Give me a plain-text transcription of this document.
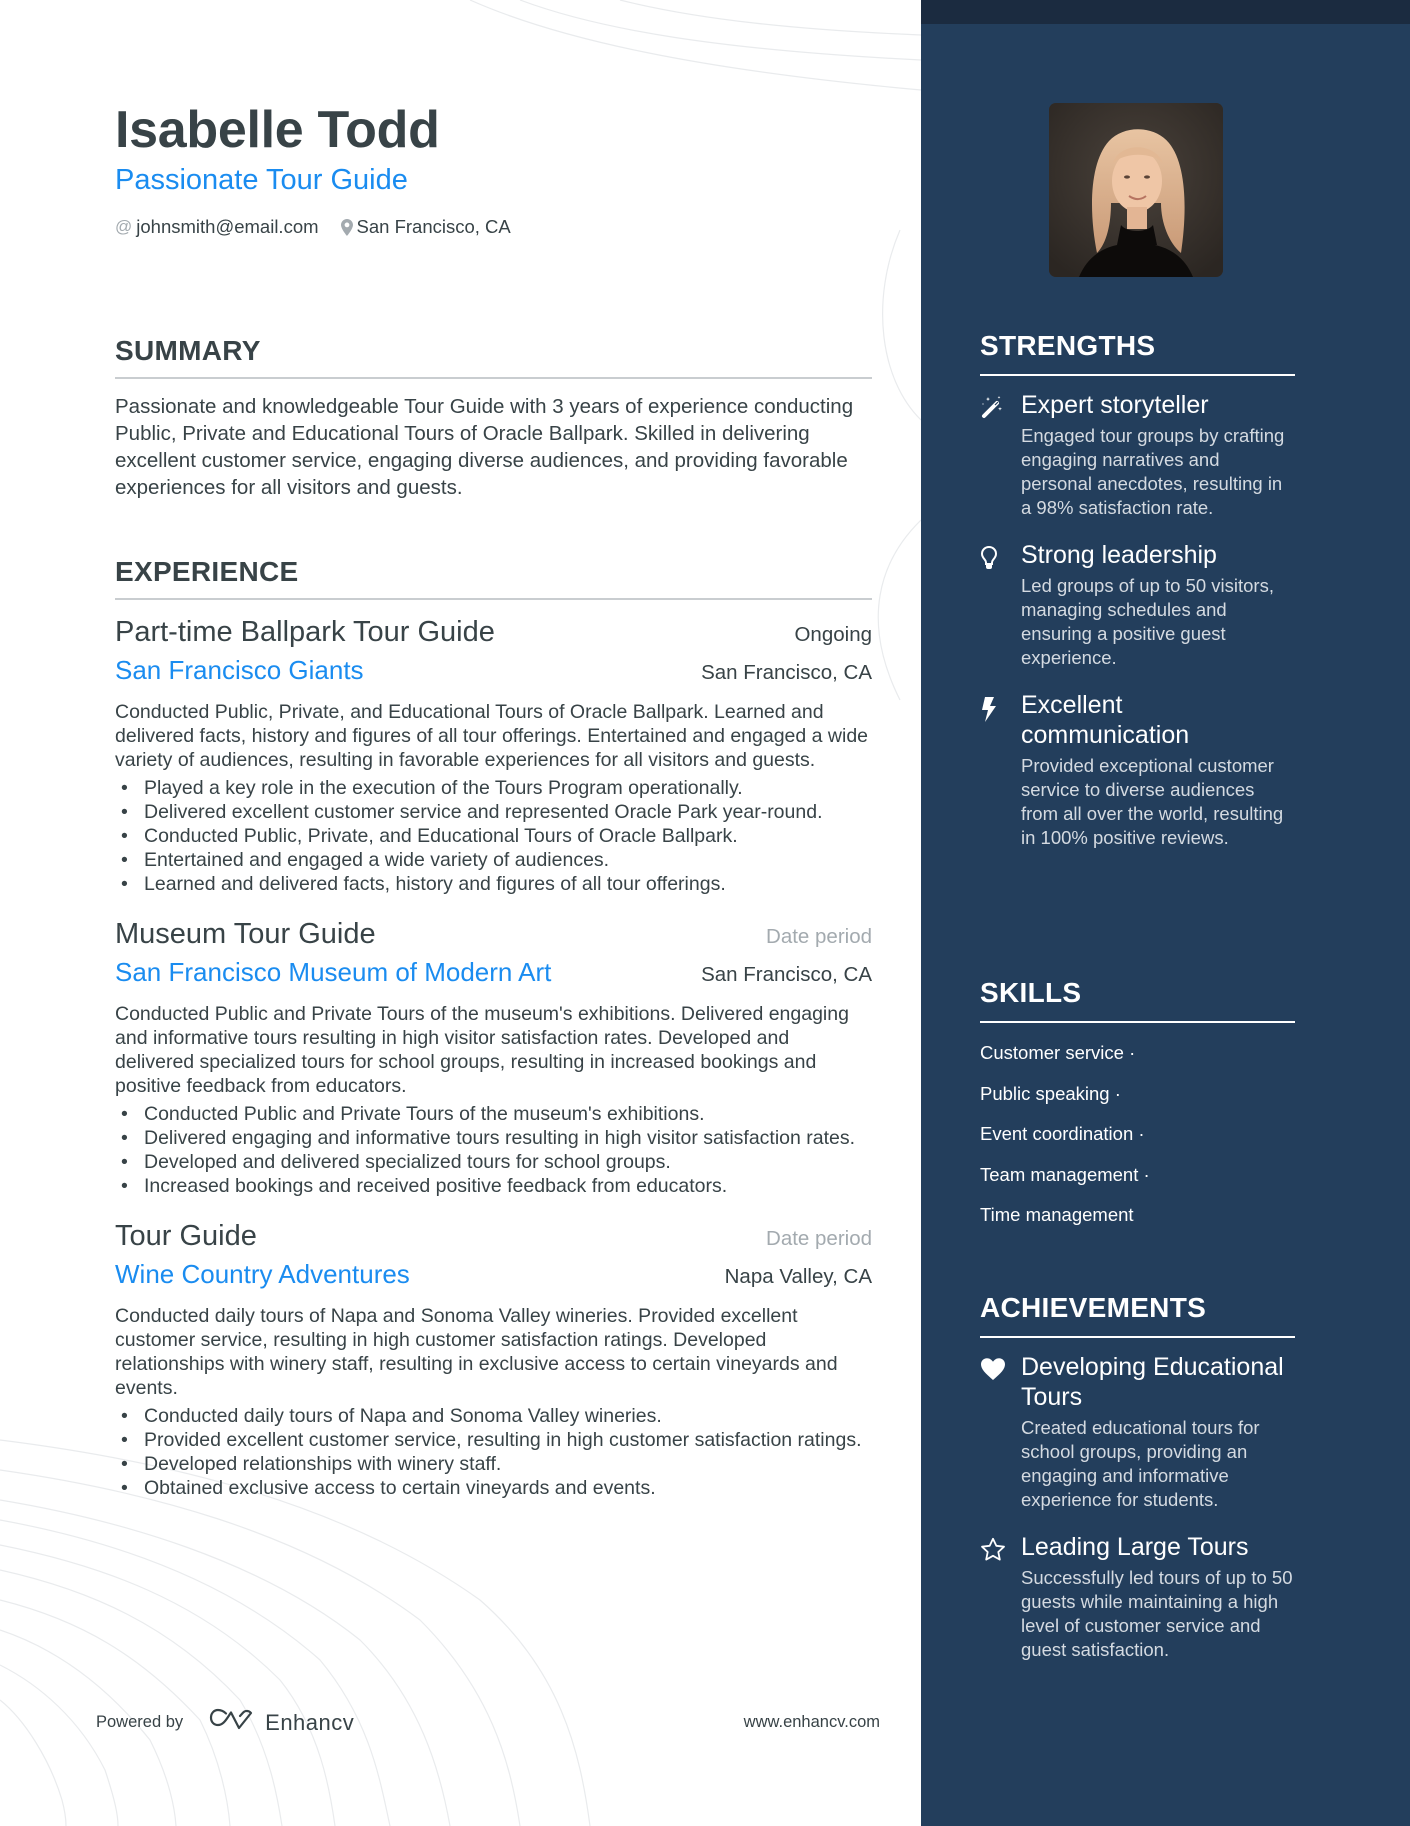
Isabelle Todd
Passionate Tour Guide
@ johnsmith@email.com San Francisco, CA
SUMMARY

Passionate and knowledgeable Tour Guide with 3 years of experience conducting Public, Private and Educational Tours of Oracle Ballpark. Skilled in delivering excellent customer service, engaging diverse audiences, and providing favorable experiences for all visitors and guests.

EXPERIENCE
Part-time Ballpark Tour Guide	Ongoing
San Francisco Giants	San Francisco, CA

Conducted Public, Private, and Educational Tours of Oracle Ballpark. Learned and delivered facts, history and figures of all tour offerings. Entertained and engaged a wide variety of audiences, resulting in favorable experiences for all visitors and guests.

• Played a key role in the execution of the Tours Program operationally.
• Delivered excellent customer service and represented Oracle Park year-round.
• Conducted Public, Private, and Educational Tours of Oracle Ballpark.
• Entertained and engaged a wide variety of audiences.
• Learned and delivered facts, history and figures of all tour offerings.
Museum Tour Guide	Date period
San Francisco Museum of Modern Art	San Francisco, CA

Conducted Public and Private Tours of the museum's exhibitions. Delivered engaging and informative tours resulting in high visitor satisfaction rates. Developed and delivered specialized tours for school groups, resulting in increased bookings and positive feedback from educators.

• Conducted Public and Private Tours of the museum's exhibitions.
• Delivered engaging and informative tours resulting in high visitor satisfaction rates.
• Developed and delivered specialized tours for school groups.
• Increased bookings and received positive feedback from educators.
Tour Guide	Date period
Wine Country Adventures	Napa Valley, CA

Conducted daily tours of Napa and Sonoma Valley wineries. Provided excellent customer service, resulting in high customer satisfaction ratings. Developed relationships with winery staff, resulting in exclusive access to certain vineyards and events.

• Conducted daily tours of Napa and Sonoma Valley wineries.
• Provided excellent customer service, resulting in high customer satisfaction ratings.
• Developed relationships with winery staff.
• Obtained exclusive access to certain vineyards and events.
Powered by	Enhancv	www.enhancv.com
STRENGTHS
Expert storyteller
Engaged tour groups by crafting engaging narratives and personal anecdotes, resulting in a 98% satisfaction rate.
Strong leadership
Led groups of up to 50 visitors, managing schedules and ensuring a positive guest experience.
Excellent communication
Provided exceptional customer service to diverse audiences from all over the world, resulting in 100% positive reviews.
SKILLS
Customer service ·
Public speaking ·
Event coordination ·
Team management ·
Time management
ACHIEVEMENTS
Developing Educational Tours
Created educational tours for school groups, providing an engaging and informative experience for students.
Leading Large Tours
Successfully led tours of up to 50 guests while maintaining a high level of customer service and guest satisfaction.
